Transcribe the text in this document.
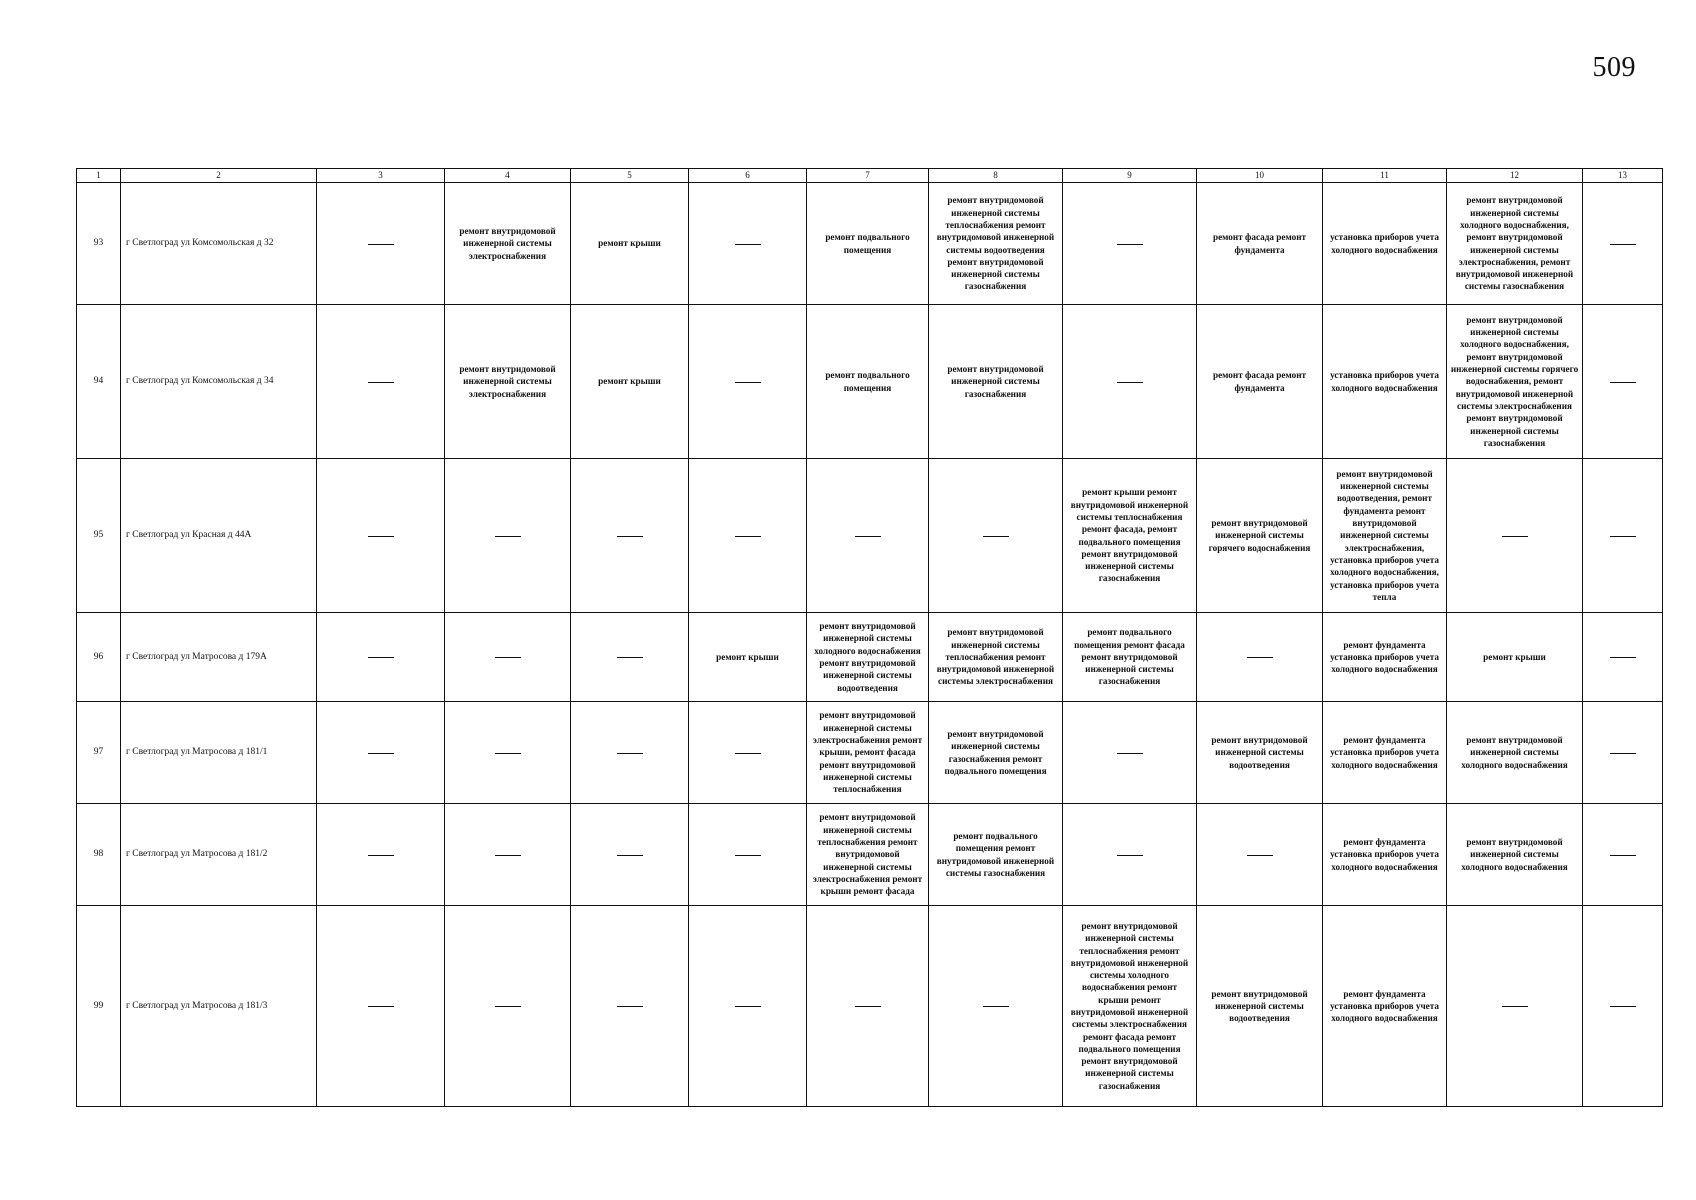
509
1	2	3	4	5	6	7	8	9	10	11	12	13
93	г Светлоград ул Комсомольская д 32		ремонт внутридомовой инженерной системы электроснабжения	ремонт крыши		ремонт подвального помещения	ремонт внутридомовой инженерной системы теплоснабжения ремонт внутридомовой инженерной системы водоотведения ремонт внутридомовой инженерной системы газоснабжения		ремонт фасада ремонт фундамента	установка приборов учета холодного водоснабжения	ремонт внутридомовой инженерной системы холодного водоснабжения, ремонт внутридомовой инженерной системы электроснабжения, ремонт внутридомовой инженерной системы газоснабжения	
94	г Светлоград ул Комсомольская д 34		ремонт внутридомовой инженерной системы электроснабжения	ремонт крыши		ремонт подвального помещения	ремонт внутридомовой инженерной системы газоснабжения		ремонт фасада ремонт фундамента	установка приборов учета холодного водоснабжения	ремонт внутридомовой инженерной системы холодного водоснабжения, ремонт внутридомовой инженерной системы горячего водоснабжения, ремонт внутридомовой инженерной системы электроснабжения ремонт внутридомовой инженерной системы газоснабжения	
95	г Светлоград ул Красная д 44А							ремонт крыши ремонт внутридомовой инженерной системы теплоснабжения ремонт фасада, ремонт подвального помещения ремонт внутридомовой инженерной системы газоснабжения	ремонт внутридомовой инженерной системы горячего водоснабжения	ремонт внутридомовой инженерной системы водоотведения, ремонт фундамента ремонт внутридомовой инженерной системы электроснабжения, установка приборов учета холодного водоснабжения, установка приборов учета тепла		
96	г Светлоград ул Матросова д 179А				ремонт крыши	ремонт внутридомовой инженерной системы холодного водоснабжения ремонт внутридомовой инженерной системы водоотведения	ремонт внутридомовой инженерной системы теплоснабжения ремонт внутридомовой инженерной системы электроснабжения	ремонт подвального помещения ремонт фасада ремонт внутридомовой инженерной системы газоснабжения		ремонт фундамента установка приборов учета холодного водоснабжения	ремонт крыши	
97	г Светлоград ул Матросова д 181/1					ремонт внутридомовой инженерной системы электроснабжения ремонт крыши, ремонт фасада ремонт внутридомовой инженерной системы теплоснабжения	ремонт внутридомовой инженерной системы газоснабжения ремонт подвального помещения		ремонт внутридомовой инженерной системы водоотведения	ремонт фундамента установка приборов учета холодного водоснабжения	ремонт внутридомовой инженерной системы холодного водоснабжения	
98	г Светлоград ул Матросова д 181/2					ремонт внутридомовой инженерной системы теплоснабжения ремонт внутридомовой инженерной системы электроснабжения ремонт крыши ремонт фасада	ремонт подвального помещения ремонт внутридомовой инженерной системы газоснабжения			ремонт фундамента установка приборов учета холодного водоснабжения	ремонт внутридомовой инженерной системы холодного водоснабжения	
99	г Светлоград ул Матросова д 181/3							ремонт внутридомовой инженерной системы теплоснабжения ремонт внутридомовой инженерной системы холодного водоснабжения ремонт крыши ремонт внутридомовой инженерной системы электроснабжения ремонт фасада ремонт подвального помещения ремонт внутридомовой инженерной системы газоснабжения	ремонт внутридомовой инженерной системы водоотведения	ремонт фундамента установка приборов учета холодного водоснабжения		
